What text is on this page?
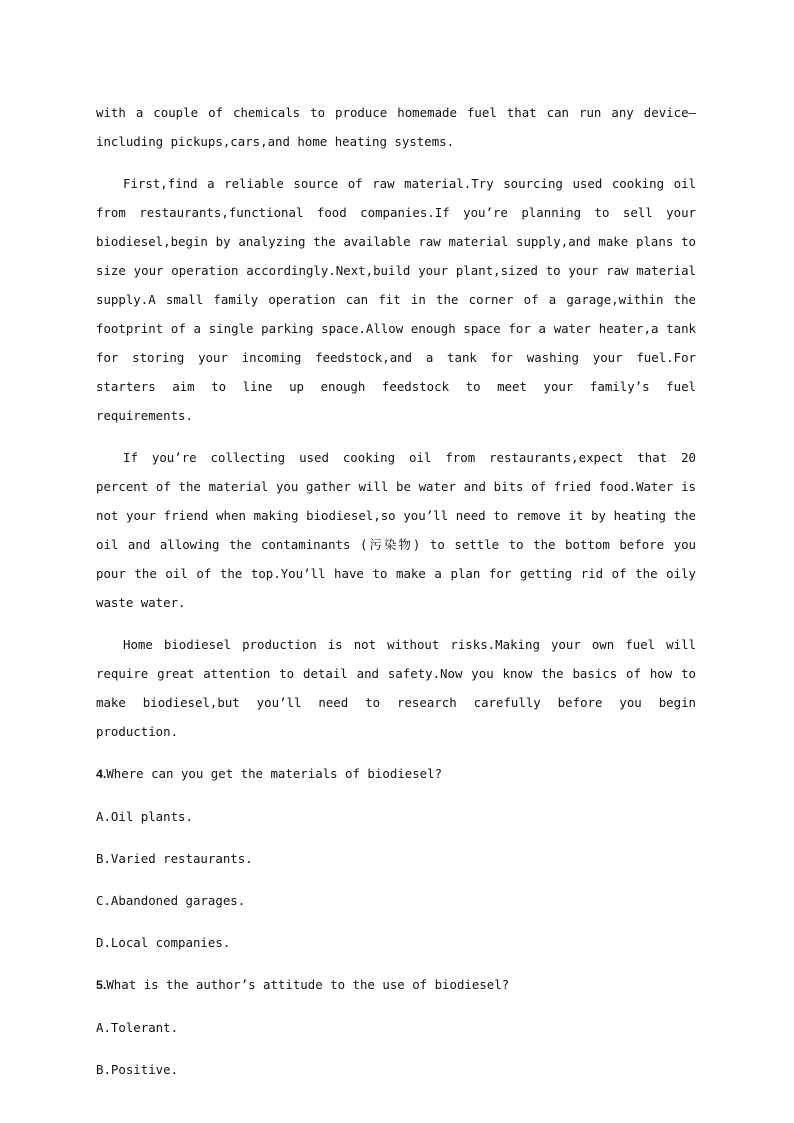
with a couple of chemicals to produce homemade fuel that can run any device—including pickups,cars,and home heating systems.

First,find a reliable source of raw material.Try sourcing used cooking oil from restaurants,functional food companies.If you’re planning to sell your biodiesel,begin by analyzing the available raw material supply,and make plans to size your operation accordingly.Next,build your plant,sized to your raw material supply.A small family operation can fit in the corner of a garage,within the footprint of a single parking space.Allow enough space for a water heater,a tank for storing your incoming feedstock,and a tank for washing your fuel.For starters aim to line up enough feedstock to meet your family’s fuel requirements.

If you’re collecting used cooking oil from restaurants,expect that 20 percent of the material you gather will be water and bits of fried food.Water is not your friend when making biodiesel,so you’ll need to remove it by heating the oil and allowing the contaminants (污染物) to settle to the bottom before you pour the oil of the top.You’ll have to make a plan for getting rid of the oily waste water.

Home biodiesel production is not without risks.Making your own fuel will require great attention to detail and safety.Now you know the basics of how to make biodiesel,but you’ll need to research carefully before you begin production.

4.Where can you get the materials of biodiesel?

A.Oil plants.

B.Varied restaurants.

C.Abandoned garages.

D.Local companies.

5.What is the author’s attitude to the use of biodiesel?

A.Tolerant.

B.Positive.
